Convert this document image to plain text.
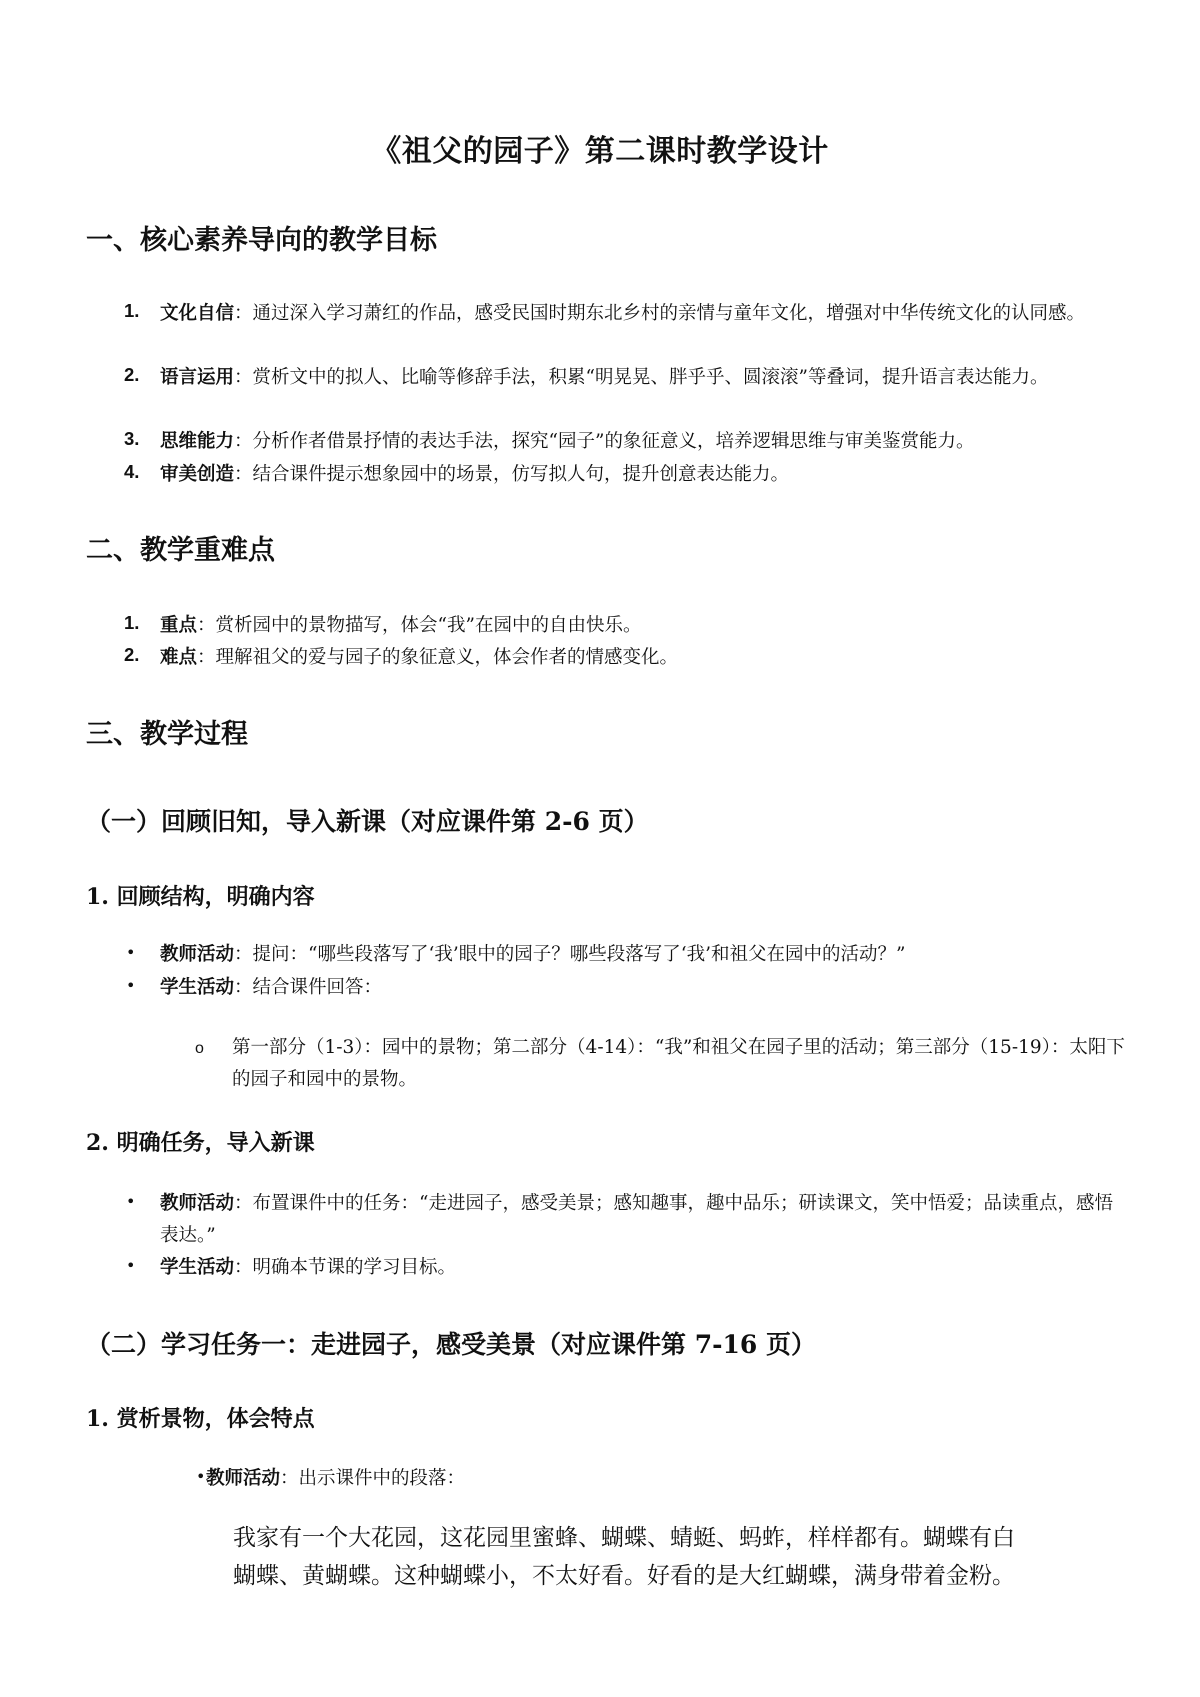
《祖父的园子》第二课时教学设计
一、核心素养导向的教学目标
1. 文化自信：通过深入学习萧红的作品，感受民国时期东北乡村的亲情与童年文化，增强对中华传统文化的认同感。
2. 语言运用：赏析文中的拟人、比喻等修辞手法，积累“明晃晃、胖乎乎、圆滚滚”等叠词，提升语言表达能力。
3. 思维能力：分析作者借景抒情的表达手法，探究“园子”的象征意义，培养逻辑思维与审美鉴赏能力。
4. 审美创造：结合课件提示想象园中的场景，仿写拟人句，提升创意表达能力。
二、教学重难点
1. 重点：赏析园中的景物描写，体会“我”在园中的自由快乐。
2. 难点：理解祖父的爱与园子的象征意义，体会作者的情感变化。
三、教学过程
（一）回顾旧知，导入新课（对应课件第 2-6 页）
1. 回顾结构，明确内容
• 教师活动：提问：“哪些段落写了‘我’眼中的园子？哪些段落写了‘我’和祖父在园中的活动？”
• 学生活动：结合课件回答：
o 第一部分（1-3）：园中的景物；第二部分（4-14）：“我”和祖父在园子里的活动；第三部分（15-19）：太阳下的园子和园中的景物。
2. 明确任务，导入新课
• 教师活动：布置课件中的任务：“走进园子，感受美景；感知趣事，趣中品乐；研读课文，笑中悟爱；品读重点，感悟表达。”
• 学生活动：明确本节课的学习目标。
（二）学习任务一：走进园子，感受美景（对应课件第 7-16 页）
1. 赏析景物，体会特点
• 教师活动：出示课件中的段落：
我家有一个大花园，这花园里蜜蜂、蝴蝶、蜻蜓、蚂蚱，样样都有。蝴蝶有白
蝴蝶、黄蝴蝶。这种蝴蝶小，不太好看。好看的是大红蝴蝶，满身带着金粉。
